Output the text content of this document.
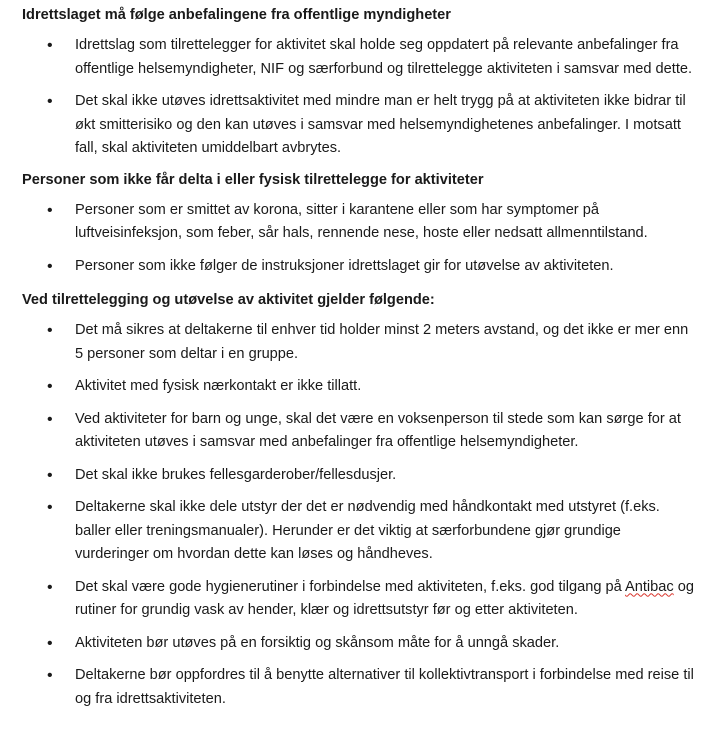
Idrettslaget må følge anbefalingene fra offentlige myndigheter

• Idrettslag som tilrettelegger for aktivitet skal holde seg oppdatert på relevante anbefalinger fra offentlige helsemyndigheter, NIF og særforbund og tilrettelegge aktiviteten i samsvar med dette.
• Det skal ikke utøves idrettsaktivitet med mindre man er helt trygg på at aktiviteten ikke bidrar til økt smitterisiko og den kan utøves i samsvar med helsemyndighetenes anbefalinger. I motsatt fall, skal aktiviteten umiddelbart avbrytes.

Personer som ikke får delta i eller fysisk tilrettelegge for aktiviteter

• Personer som er smittet av korona, sitter i karantene eller som har symptomer på luftveisinfeksjon, som feber, sår hals, rennende nese, hoste eller nedsatt allmenntilstand.
• Personer som ikke følger de instruksjoner idrettslaget gir for utøvelse av aktiviteten.

Ved tilrettelegging og utøvelse av aktivitet gjelder følgende:

• Det må sikres at deltakerne til enhver tid holder minst 2 meters avstand, og det ikke er mer enn 5 personer som deltar i en gruppe.
• Aktivitet med fysisk nærkontakt er ikke tillatt.
• Ved aktiviteter for barn og unge, skal det være en voksenperson til stede som kan sørge for at aktiviteten utøves i samsvar med anbefalinger fra offentlige helsemyndigheter.
• Det skal ikke brukes fellesgarderober/fellesdusjer.
• Deltakerne skal ikke dele utstyr der det er nødvendig med håndkontakt med utstyret (f.eks. baller eller treningsmanualer). Herunder er det viktig at særforbundene gjør grundige vurderinger om hvordan dette kan løses og håndheves.
• Det skal være gode hygienerutiner i forbindelse med aktiviteten, f.eks. god tilgang på Antibac og rutiner for grundig vask av hender, klær og idrettsutstyr før og etter aktiviteten.
• Aktiviteten bør utøves på en forsiktig og skånsom måte for å unngå skader.
• Deltakerne bør oppfordres til å benytte alternativer til kollektivtransport i forbindelse med reise til og fra idrettsaktiviteten.
